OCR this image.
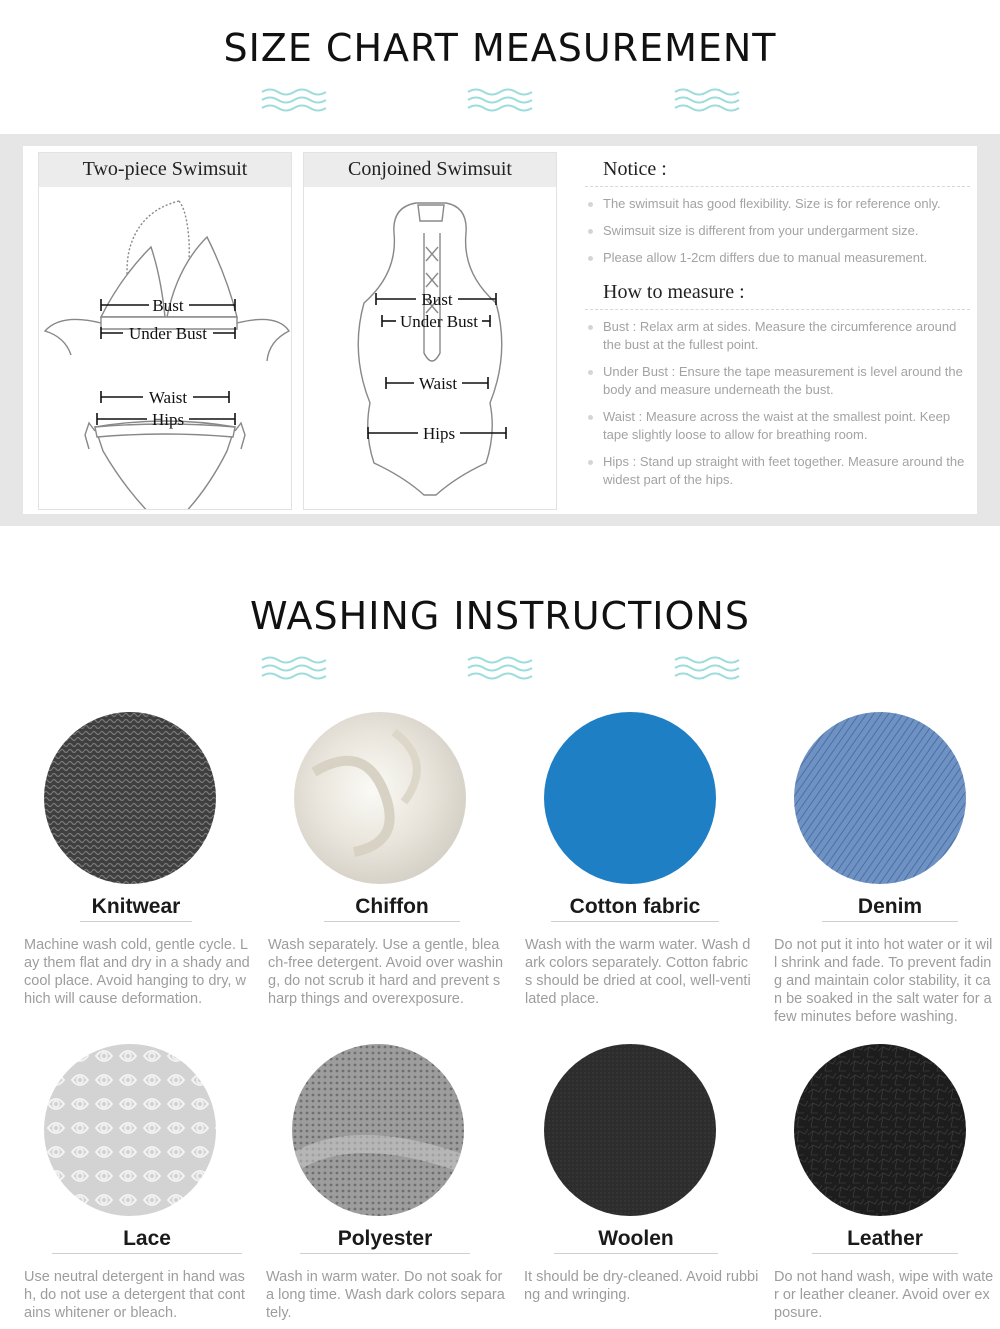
SIZE CHART MEASUREMENT
Two-piece Swimsuit
Bust
Under Bust
Waist
Hips
Conjoined Swimsuit
Bust
Under Bust
Waist
Hips
Notice :
The swimsuit has good flexibility. Size is for reference only.
Swimsuit size is different from your undergarment size.
Please allow 1-2cm differs due to manual measurement.
How to measure :
Bust : Relax arm at sides. Measure the circumference around the bust at the fullest point.
Under Bust : Ensure the tape measurement is level around the body and measure underneath the bust.
Waist : Measure across the waist at the smallest point. Keep tape slightly loose to allow for breathing room.
Hips : Stand up straight with feet together. Measure around the widest part of the hips.
WASHING INSTRUCTIONS
Knitwear
Machine wash cold, gentle cycle. Lay them flat and dry in a shady and cool place. Avoid hanging to dry, which will cause deformation.
Chiffon
Wash separately. Use a gentle, bleach-free detergent. Avoid over washing, do not scrub it hard and prevent sharp things and overexposure.
Cotton fabric
Wash with the warm water. Wash dark colors separately. Cotton fabrics should be dried at cool, well-ventilated place.
Denim
Do not put it into hot water or it will shrink and fade. To prevent fading and maintain color stability, it can be soaked in the salt water for a few minutes before washing.
Lace
Use neutral detergent in hand wash, do not use a detergent that contains whitener or bleach.
Polyester
Wash in warm water. Do not soak for a long time. Wash dark colors separately.
Woolen
It should be dry-cleaned. Avoid rubbing and wringing.
Leather
Do not hand wash, wipe with water or leather cleaner. Avoid over exposure.
